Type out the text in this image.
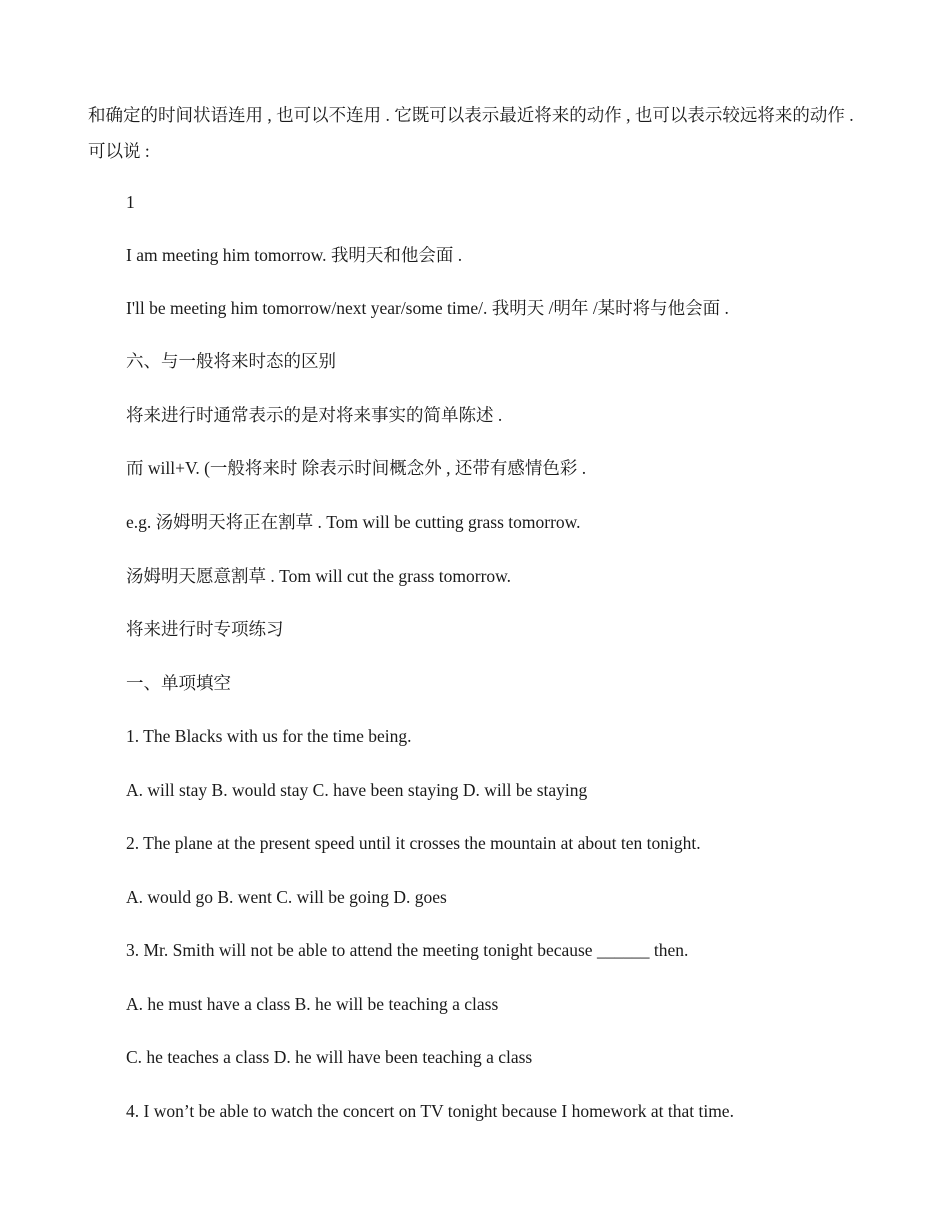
和确定的时间状语连用 , 也可以不连用 . 它既可以表示最近将来的动作 , 也可以表示较远将来的动作 . 可以说 :

1

I am meeting him tomorrow. 我明天和他会面 .

I'll be meeting him tomorrow/next year/some time/. 我明天 /明年 /某时将与他会面 .

六、与一般将来时态的区别

将来进行时通常表示的是对将来事实的简单陈述 .

而 will+V. (一般将来时 除表示时间概念外 , 还带有感情色彩 .

e.g. 汤姆明天将正在割草 . Tom will be cutting grass tomorrow.

汤姆明天愿意割草 . Tom will cut the grass tomorrow.

将来进行时专项练习

一、单项填空

1. The Blacks with us for the time being.

A. will stay B. would stay C. have been staying D. will be staying

2. The plane at the present speed until it crosses the mountain at about ten tonight.

A. would go B. went C. will be going D. goes

3. Mr. Smith will not be able to attend the meeting tonight because ______ then.

A. he must have a class B. he will be teaching a class

C. he teaches a class D. he will have been teaching a class

4. I won’t be able to watch the concert on TV tonight because I homework at that time.
